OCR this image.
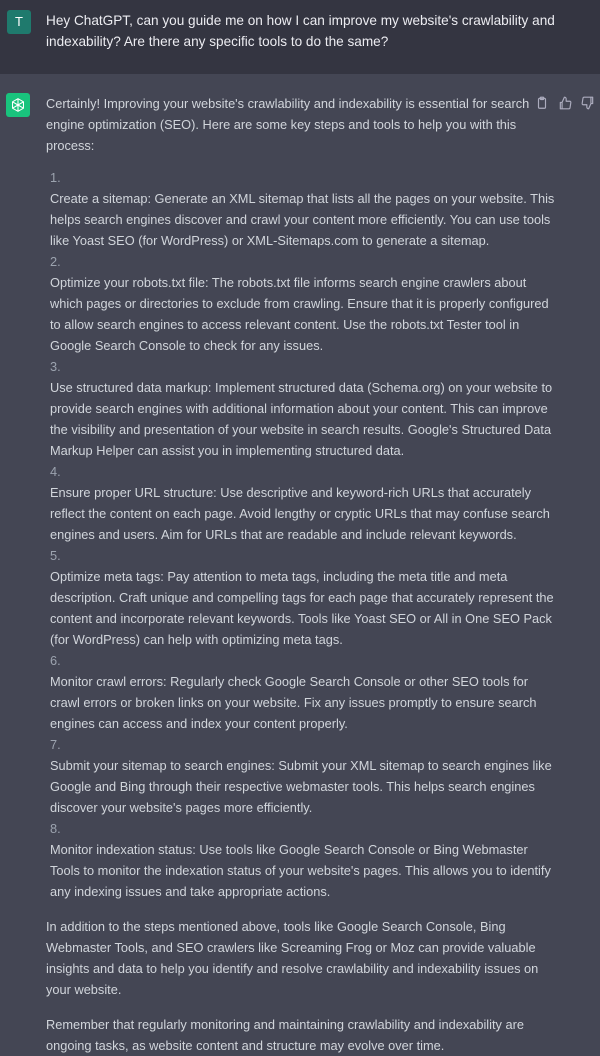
T	Hey ChatGPT, can you guide me on how I can improve my website's crawlability and indexability? Are there any specific tools to do the same?

Certainly! Improving your website's crawlability and indexability is essential for search engine optimization (SEO). Here are some key steps and tools to help you with this process:

1.
Create a sitemap: Generate an XML sitemap that lists all the pages on your website. This helps search engines discover and crawl your content more efficiently. You can use tools like Yoast SEO (for WordPress) or XML-Sitemaps.com to generate a sitemap.
2.
Optimize your robots.txt file: The robots.txt file informs search engine crawlers about which pages or directories to exclude from crawling. Ensure that it is properly configured to allow search engines to access relevant content. Use the robots.txt Tester tool in Google Search Console to check for any issues.
3.
Use structured data markup: Implement structured data (Schema.org) on your website to provide search engines with additional information about your content. This can improve the visibility and presentation of your website in search results. Google's Structured Data Markup Helper can assist you in implementing structured data.
4.
Ensure proper URL structure: Use descriptive and keyword-rich URLs that accurately reflect the content on each page. Avoid lengthy or cryptic URLs that may confuse search engines and users. Aim for URLs that are readable and include relevant keywords.
5.
Optimize meta tags: Pay attention to meta tags, including the meta title and meta description. Craft unique and compelling tags for each page that accurately represent the content and incorporate relevant keywords. Tools like Yoast SEO or All in One SEO Pack (for WordPress) can help with optimizing meta tags.
6.
Monitor crawl errors: Regularly check Google Search Console or other SEO tools for crawl errors or broken links on your website. Fix any issues promptly to ensure search engines can access and index your content properly.
7.
Submit your sitemap to search engines: Submit your XML sitemap to search engines like Google and Bing through their respective webmaster tools. This helps search engines discover your website's pages more efficiently.
8.
Monitor indexation status: Use tools like Google Search Console or Bing Webmaster Tools to monitor the indexation status of your website's pages. This allows you to identify any indexing issues and take appropriate actions.

In addition to the steps mentioned above, tools like Google Search Console, Bing Webmaster Tools, and SEO crawlers like Screaming Frog or Moz can provide valuable insights and data to help you identify and resolve crawlability and indexability issues on your website.

Remember that regularly monitoring and maintaining crawlability and indexability are ongoing tasks, as website content and structure may evolve over time.
